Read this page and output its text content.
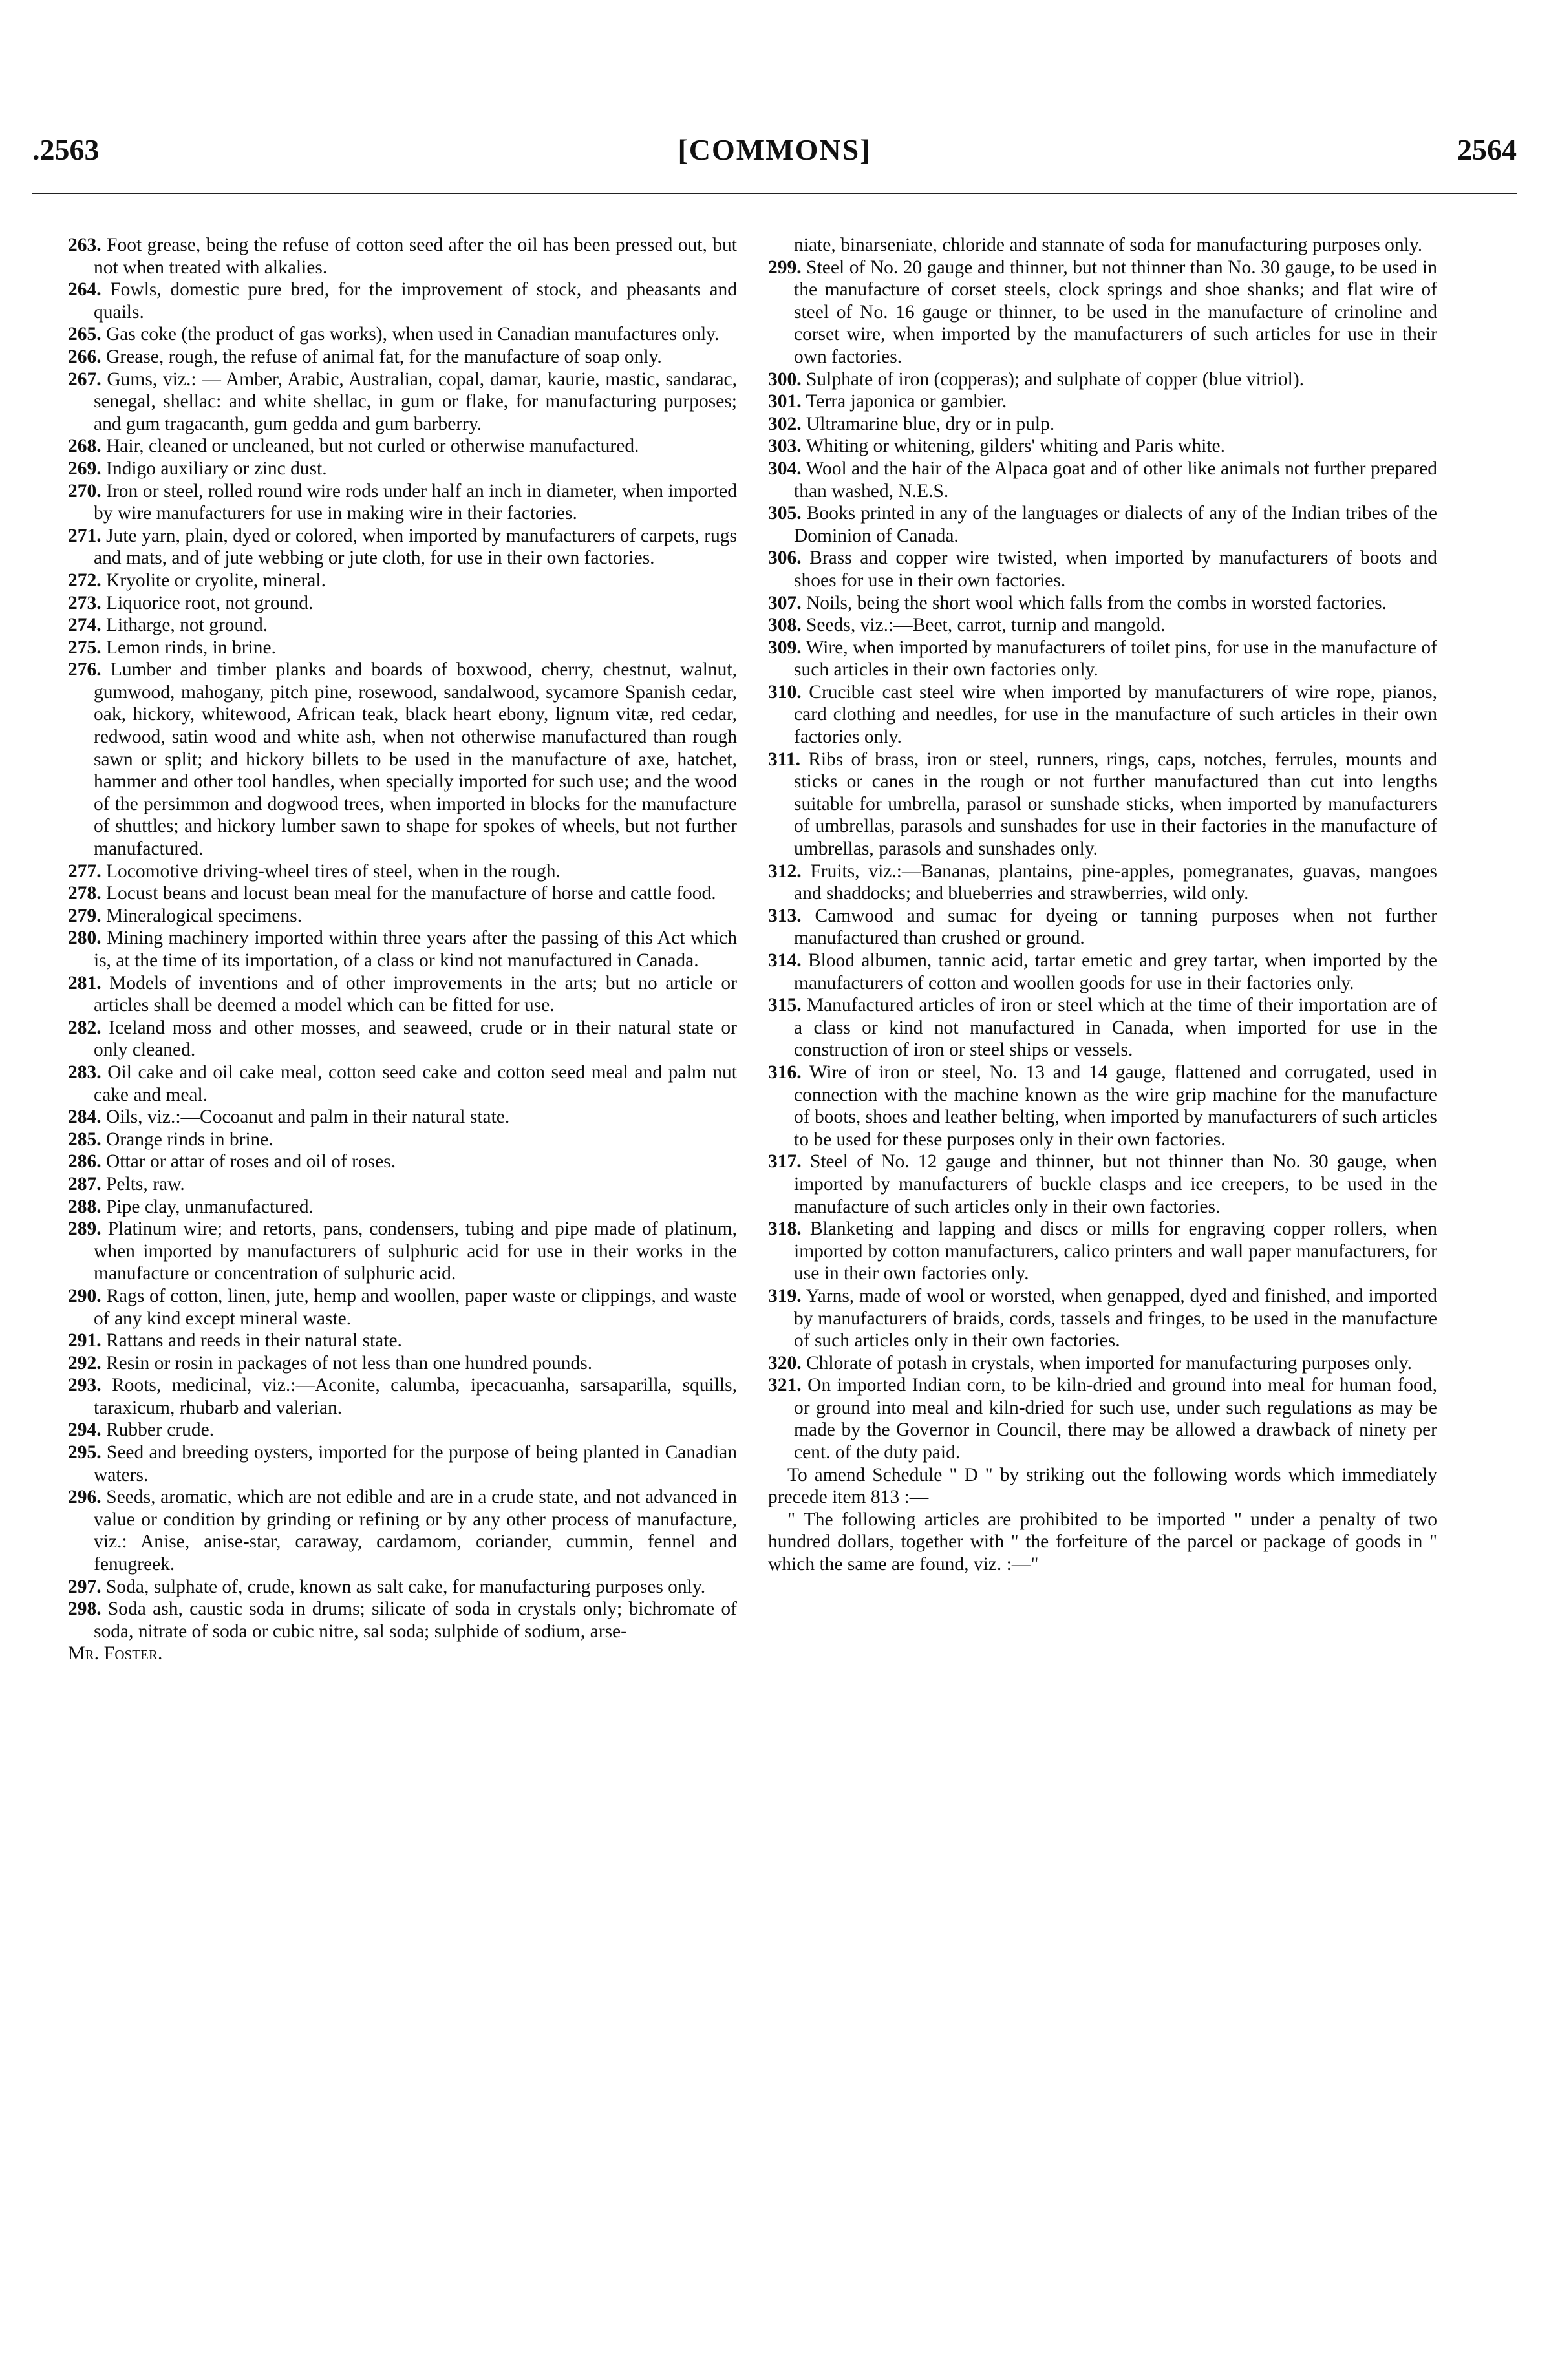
.2563	[COMMONS]	2564

263. Foot grease, being the refuse of cotton seed after the oil has been pressed out, but not when treated with alkalies.

264. Fowls, domestic pure bred, for the improvement of stock, and pheasants and quails.

265. Gas coke (the product of gas works), when used in Canadian manufactures only.

266. Grease, rough, the refuse of animal fat, for the manufacture of soap only.

267. Gums, viz.: — Amber, Arabic, Australian, copal, damar, kaurie, mastic, sandarac, senegal, shellac: and white shellac, in gum or flake, for manufacturing purposes; and gum tragacanth, gum gedda and gum barberry.

268. Hair, cleaned or uncleaned, but not curled or otherwise manufactured.

269. Indigo auxiliary or zinc dust.

270. Iron or steel, rolled round wire rods under half an inch in diameter, when imported by wire manufacturers for use in making wire in their factories.

271. Jute yarn, plain, dyed or colored, when imported by manufacturers of carpets, rugs and mats, and of jute webbing or jute cloth, for use in their own factories.

272. Kryolite or cryolite, mineral.

273. Liquorice root, not ground.

274. Litharge, not ground.

275. Lemon rinds, in brine.

276. Lumber and timber planks and boards of boxwood, cherry, chestnut, walnut, gumwood, mahogany, pitch pine, rosewood, sandalwood, sycamore Spanish cedar, oak, hickory, whitewood, African teak, black heart ebony, lignum vitæ, red cedar, redwood, satin wood and white ash, when not otherwise manufactured than rough sawn or split; and hickory billets to be used in the manufacture of axe, hatchet, hammer and other tool handles, when specially imported for such use; and the wood of the persimmon and dogwood trees, when imported in blocks for the manufacture of shuttles; and hickory lumber sawn to shape for spokes of wheels, but not further manufactured.

277. Locomotive driving-wheel tires of steel, when in the rough.

278. Locust beans and locust bean meal for the manufacture of horse and cattle food.

279. Mineralogical specimens.

280. Mining machinery imported within three years after the passing of this Act which is, at the time of its importation, of a class or kind not manufactured in Canada.

281. Models of inventions and of other improvements in the arts; but no article or articles shall be deemed a model which can be fitted for use.

282. Iceland moss and other mosses, and seaweed, crude or in their natural state or only cleaned.

283. Oil cake and oil cake meal, cotton seed cake and cotton seed meal and palm nut cake and meal.

284. Oils, viz.:—Cocoanut and palm in their natural state.

285. Orange rinds in brine.

286. Ottar or attar of roses and oil of roses.

287. Pelts, raw.

288. Pipe clay, unmanufactured.

289. Platinum wire; and retorts, pans, condensers, tubing and pipe made of platinum, when imported by manufacturers of sulphuric acid for use in their works in the manufacture or concentration of sulphuric acid.

290. Rags of cotton, linen, jute, hemp and woollen, paper waste or clippings, and waste of any kind except mineral waste.

291. Rattans and reeds in their natural state.

292. Resin or rosin in packages of not less than one hundred pounds.

293. Roots, medicinal, viz.:—Aconite, calumba, ipecacuanha, sarsaparilla, squills, taraxicum, rhubarb and valerian.

294. Rubber crude.

295. Seed and breeding oysters, imported for the purpose of being planted in Canadian waters.

296. Seeds, aromatic, which are not edible and are in a crude state, and not advanced in value or condition by grinding or refining or by any other process of manufacture, viz.: Anise, anise-star, caraway, cardamom, coriander, cummin, fennel and fenugreek.

297. Soda, sulphate of, crude, known as salt cake, for manufacturing purposes only.

298. Soda ash, caustic soda in drums; silicate of soda in crystals only; bichromate of soda, nitrate of soda or cubic nitre, sal soda; sulphide of sodium, arse-

Mr. Foster.

niate, binarseniate, chloride and stannate of soda for manufacturing purposes only.

299. Steel of No. 20 gauge and thinner, but not thinner than No. 30 gauge, to be used in the manufacture of corset steels, clock springs and shoe shanks; and flat wire of steel of No. 16 gauge or thinner, to be used in the manufacture of crinoline and corset wire, when imported by the manufacturers of such articles for use in their own factories.

300. Sulphate of iron (copperas); and sulphate of copper (blue vitriol).

301. Terra japonica or gambier.

302. Ultramarine blue, dry or in pulp.

303. Whiting or whitening, gilders' whiting and Paris white.

304. Wool and the hair of the Alpaca goat and of other like animals not further prepared than washed, N.E.S.

305. Books printed in any of the languages or dialects of any of the Indian tribes of the Dominion of Canada.

306. Brass and copper wire twisted, when imported by manufacturers of boots and shoes for use in their own factories.

307. Noils, being the short wool which falls from the combs in worsted factories.

308. Seeds, viz.:—Beet, carrot, turnip and mangold.

309. Wire, when imported by manufacturers of toilet pins, for use in the manufacture of such articles in their own factories only.

310. Crucible cast steel wire when imported by manufacturers of wire rope, pianos, card clothing and needles, for use in the manufacture of such articles in their own factories only.

311. Ribs of brass, iron or steel, runners, rings, caps, notches, ferrules, mounts and sticks or canes in the rough or not further manufactured than cut into lengths suitable for umbrella, parasol or sunshade sticks, when imported by manufacturers of umbrellas, parasols and sunshades for use in their factories in the manufacture of umbrellas, parasols and sunshades only.

312. Fruits, viz.:—Bananas, plantains, pine-apples, pomegranates, guavas, mangoes and shaddocks; and blueberries and strawberries, wild only.

313. Camwood and sumac for dyeing or tanning purposes when not further manufactured than crushed or ground.

314. Blood albumen, tannic acid, tartar emetic and grey tartar, when imported by the manufacturers of cotton and woollen goods for use in their factories only.

315. Manufactured articles of iron or steel which at the time of their importation are of a class or kind not manufactured in Canada, when imported for use in the construction of iron or steel ships or vessels.

316. Wire of iron or steel, No. 13 and 14 gauge, flattened and corrugated, used in connection with the machine known as the wire grip machine for the manufacture of boots, shoes and leather belting, when imported by manufacturers of such articles to be used for these purposes only in their own factories.

317. Steel of No. 12 gauge and thinner, but not thinner than No. 30 gauge, when imported by manufacturers of buckle clasps and ice creepers, to be used in the manufacture of such articles only in their own factories.

318. Blanketing and lapping and discs or mills for engraving copper rollers, when imported by cotton manufacturers, calico printers and wall paper manufacturers, for use in their own factories only.

319. Yarns, made of wool or worsted, when genapped, dyed and finished, and imported by manufacturers of braids, cords, tassels and fringes, to be used in the manufacture of such articles only in their own factories.

320. Chlorate of potash in crystals, when imported for manufacturing purposes only.

321. On imported Indian corn, to be kiln-dried and ground into meal for human food, or ground into meal and kiln-dried for such use, under such regulations as may be made by the Governor in Council, there may be allowed a drawback of ninety per cent. of the duty paid.

To amend Schedule " D " by striking out the following words which immediately precede item 813 :—

" The following articles are prohibited to be imported " under a penalty of two hundred dollars, together with " the forfeiture of the parcel or package of goods in " which the same are found, viz. :—"
